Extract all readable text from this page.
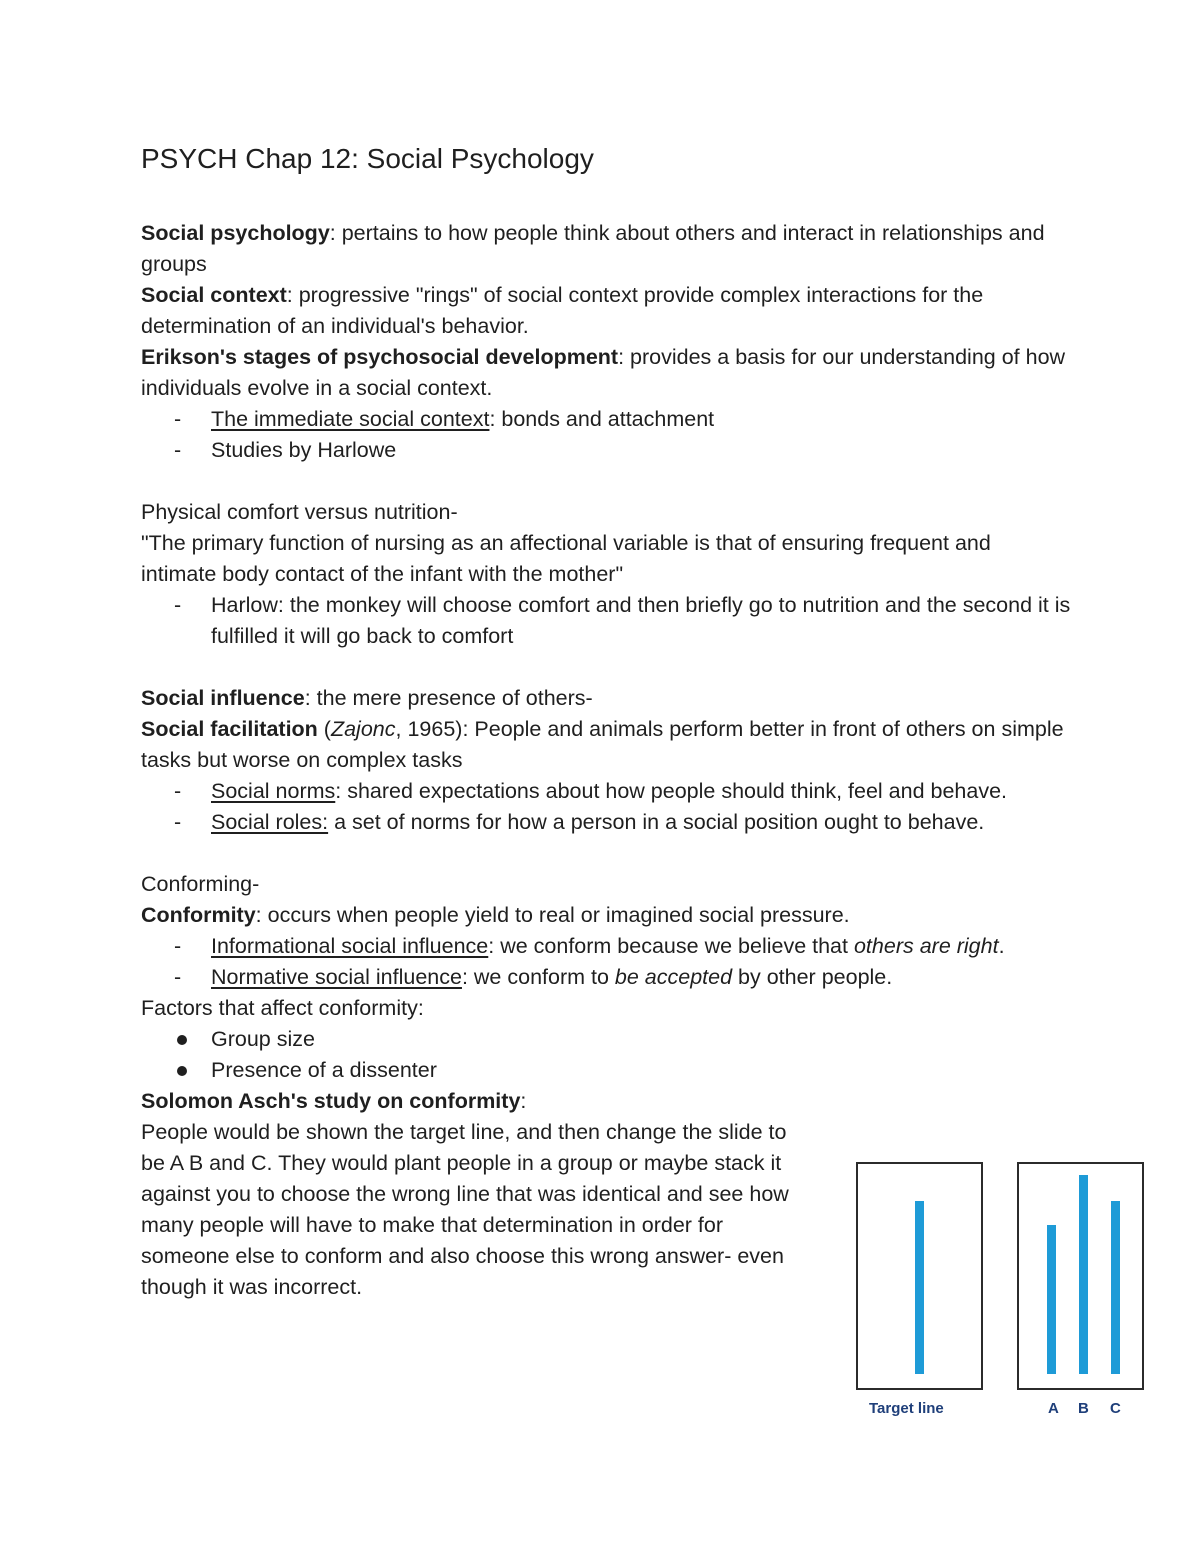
PSYCH Chap 12: Social Psychology

Social psychology: pertains to how people think about others and interact in relationships and groups

Social context: progressive "rings" of social context provide complex interactions for the determination of an individual's behavior.

Erikson's stages of psychosocial development: provides a basis for our understanding of how individuals evolve in a social context.

- The immediate social context: bonds and attachment
- Studies by Harlowe

Physical comfort versus nutrition-

"The primary function of nursing as an affectional variable is that of ensuring frequent and intimate body contact of the infant with the mother"

- Harlow: the monkey will choose comfort and then briefly go to nutrition and the second it is fulfilled it will go back to comfort

Social influence: the mere presence of others-

Social facilitation (Zajonc, 1965): People and animals perform better in front of others on simple tasks but worse on complex tasks

- Social norms: shared expectations about how people should think, feel and behave.
- Social roles: a set of norms for how a person in a social position ought to behave.

Conforming-

Conformity: occurs when people yield to real or imagined social pressure.

- Informational social influence: we conform because we believe that others are right.
- Normative social influence: we conform to be accepted by other people.

Factors that affect conformity:

Group size
Presence of a dissenter

Solomon Asch's study on conformity:

People would be shown the target line, and then change the slide to be A B and C. They would plant people in a group or maybe stack it against you to choose the wrong line that was identical and see how many people will have to make that determination in order for someone else to conform and also choose this wrong answer- even though it was incorrect.

Target line	A B C
